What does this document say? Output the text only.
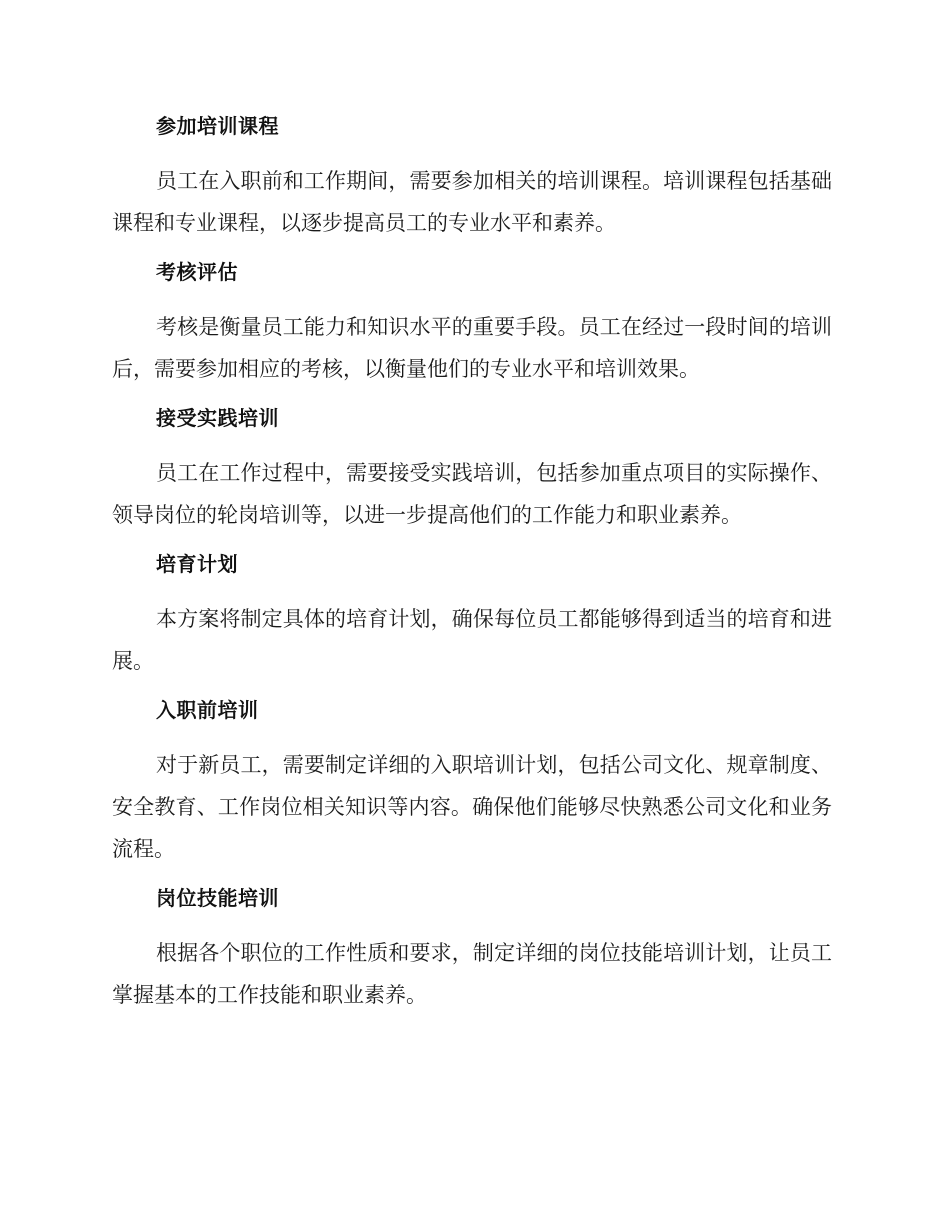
参加培训课程

员工在入职前和工作期间，需要参加相关的培训课程。培训课程包括基础课程和专业课程，以逐步提高员工的专业水平和素养。

考核评估

考核是衡量员工能力和知识水平的重要手段。员工在经过一段时间的培训后，需要参加相应的考核，以衡量他们的专业水平和培训效果。

接受实践培训

员工在工作过程中，需要接受实践培训，包括参加重点项目的实际操作、领导岗位的轮岗培训等，以进一步提高他们的工作能力和职业素养。

培育计划

本方案将制定具体的培育计划，确保每位员工都能够得到适当的培育和进展。

入职前培训

对于新员工，需要制定详细的入职培训计划，包括公司文化、规章制度、安全教育、工作岗位相关知识等内容。确保他们能够尽快熟悉公司文化和业务流程。

岗位技能培训

根据各个职位的工作性质和要求，制定详细的岗位技能培训计划，让员工掌握基本的工作技能和职业素养。
